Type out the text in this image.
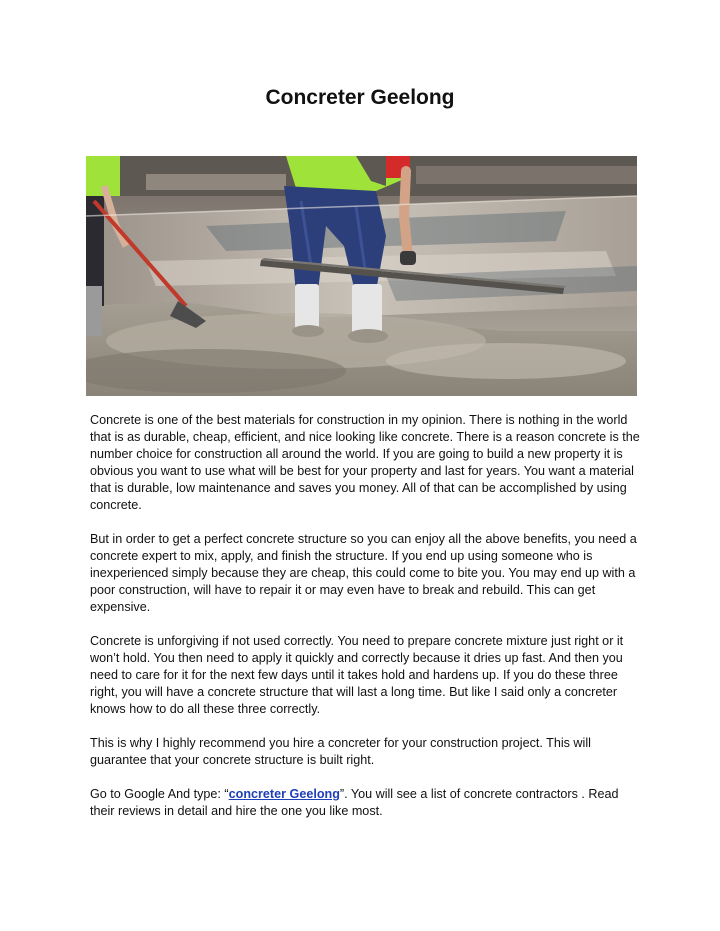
Concreter Geelong

Concrete is one of the best materials for construction in my opinion. There is nothing in the world that is as durable, cheap, efficient, and nice looking like concrete. There is a reason concrete is the number choice for construction all around the world. If you are going to build a new property it is obvious you want to use what will be best for your property and last for years. You want a material that is durable, low maintenance and saves you money. All of that can be accomplished by using concrete.

But in order to get a perfect concrete structure so you can enjoy all the above benefits, you need a concrete expert to mix, apply, and finish the structure. If you end up using someone who is inexperienced simply because they are cheap, this could come to bite you. You may end up with a poor construction, will have to repair it or may even have to break and rebuild. This can get expensive.

Concrete is unforgiving if not used correctly. You need to prepare concrete mixture just right or it won’t hold. You then need to apply it quickly and correctly because it dries up fast. And then you need to care for it for the next few days until it takes hold and hardens up. If you do these three right, you will have a concrete structure that will last a long time. But like I said only a concreter knows how to do all these three correctly.

This is why I highly recommend you hire a concreter for your construction project. This will guarantee that your concrete structure is built right.

Go to Google And type: “concreter Geelong”. You will see a list of concrete contractors . Read their reviews in detail and hire the one you like most.
